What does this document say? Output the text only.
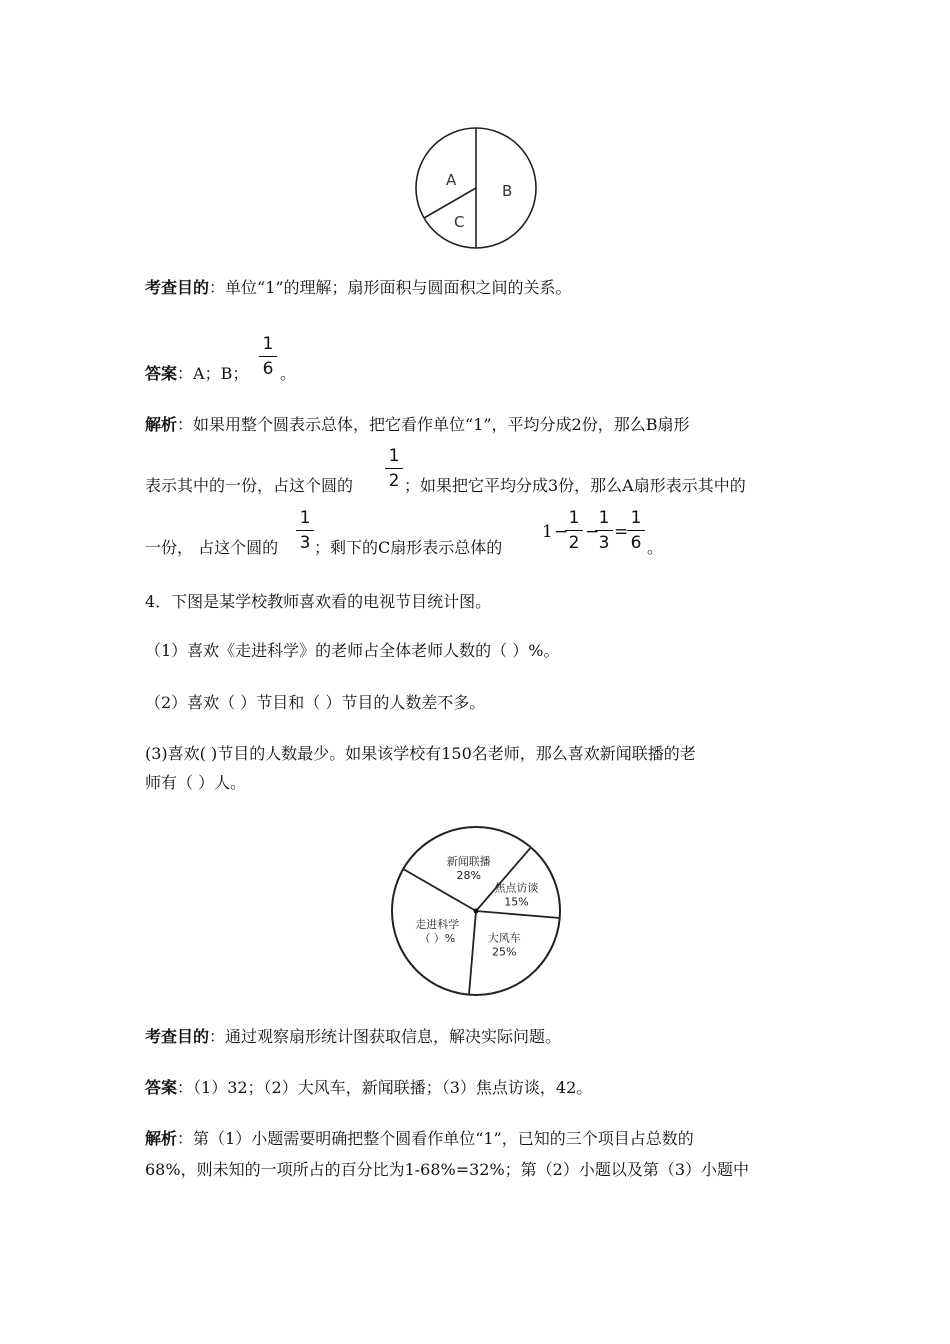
A
B
C
考查目的：单位“1”的理解；扇形面积与圆面积之间的关系。
答案：A；B；
1
6 。
解析：如果用整个圆表示总体，把它看作单位“1”，平均分成2份，那么B扇形
表示其中的一份，占这个圆的
1
2 ；如果把它平均分成3份，那么A扇形表示其中的
一份， 占这个圆的
1
3 ；剩下的C扇形表示总体的
1 −
1
2
−
1
3
=
1
6 。
4．下图是某学校教师喜欢看的电视节目统计图。
（1）喜欢《走进科学》的老师占全体老师人数的（ ）%。
（2）喜欢（ ）节目和（ ）节目的人数差不多。
(3)喜欢( )节目的人数最少。如果该学校有150名老师，那么喜欢新闻联播的老
师有（ ）人。
新闻联播
28%
焦点访谈
15%
大风车
25%
走进科学
（ ）%
考查目的：通过观察扇形统计图获取信息，解决实际问题。
答案：（1）32；（2）大风车，新闻联播；（3）焦点访谈，42。
解析：第（1）小题需要明确把整个圆看作单位“1”，已知的三个项目占总数的
68%，则未知的一项所占的百分比为1-68%=32%；第（2）小题以及第（3）小题中
